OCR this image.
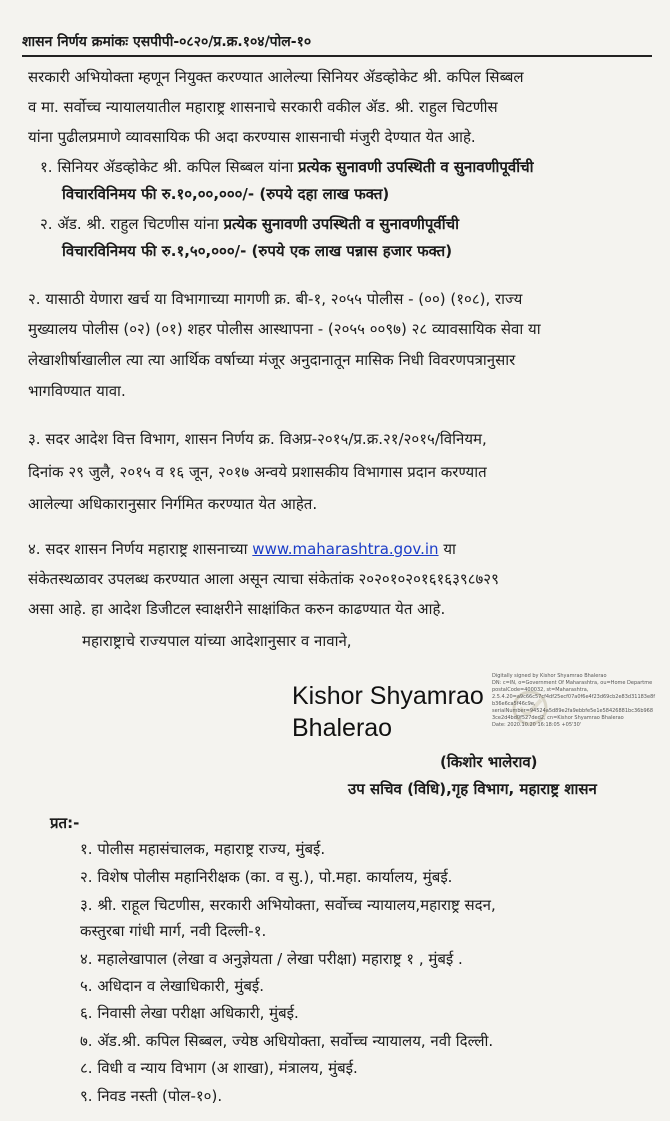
शासन निर्णय क्रमांकः एसपीपी-०८२०/प्र.क्र.१०४/पोल-१०
सरकारी अभियोक्ता म्हणून नियुक्त करण्यात आलेल्या सिनियर ॲडव्होकेट श्री. कपिल सिब्बल
व मा. सर्वोच्च न्यायालयातील महाराष्ट्र शासनाचे सरकारी वकील ॲड. श्री. राहुल चिटणीस
यांना पुढीलप्रमाणे व्यावसायिक फी अदा करण्यास शासनाची मंजुरी देण्यात येत आहे.
१. सिनियर ॲडव्होकेट श्री. कपिल सिब्बल यांना प्रत्येक सुनावणी उपस्थिती व सुनावणीपूर्वीची
विचारविनिमय फी रु.१०,००,०००/- (रुपये दहा लाख फक्त)
२. ॲड. श्री. राहुल चिटणीस यांना प्रत्येक सुनावणी उपस्थिती व सुनावणीपूर्वीची
विचारविनिमय फी रु.१,५०,०००/- (रुपये एक लाख पन्नास हजार फक्त)
२. यासाठी येणारा खर्च या विभागाच्या मागणी क्र. बी-१, २०५५ पोलीस - (००) (१०८), राज्य
मुख्यालय पोलीस (०२) (०१) शहर पोलीस आस्थापना - (२०५५ ००९७) २८ व्यावसायिक सेवा या
लेखाशीर्षाखालील त्या त्या आर्थिक वर्षाच्या मंजूर अनुदानातून मासिक निधी विवरणपत्रानुसार
भागविण्यात यावा.
३. सदर आदेश वित्त विभाग, शासन निर्णय क्र. विअप्र-२०१५/प्र.क्र.२१/२०१५/विनियम,
दिनांक २९ जुलै, २०१५ व १६ जून, २०१७ अन्वये प्रशासकीय विभागास प्रदान करण्यात
आलेल्या अधिकारानुसार निर्गमित करण्यात येत आहेत.
४. सदर शासन निर्णय महाराष्ट्र शासनाच्या www.maharashtra.gov.in या
संकेतस्थळावर उपलब्ध करण्यात आला असून त्याचा संकेतांक २०२०१०२०१६१६३९८७२९
असा आहे. हा आदेश डिजीटल स्वाक्षरीने साक्षांकित करुन काढण्यात येत आहे.
महाराष्ट्राचे राज्यपाल यांच्या आदेशानुसार व नावाने,
Kishor Shyamrao
Bhalerao
Digitally signed by Kishor Shyamrao Bhalerao
DN: c=IN, o=Government Of Maharashtra, ou=Home Departme
postalCode=400032, st=Maharashtra,
2.5.4.20=a9c66c57cf4df25ecf07a0f6e4f23d69cb2e83d31183e8f
b36e6ca5f46c9e,
serialNumber=94524a5d89e2fa9ebbfe5e1e58426881bc36b968
3ce2d4bd0f527ded2, cn=Kishor Shyamrao Bhalerao
Date: 2020.10.20 16:18:05 +05'30'
(किशोर भालेराव)
उप सचिव (विधि),गृह विभाग, महाराष्ट्र शासन
प्रत:-
१. पोलीस महासंचालक, महाराष्ट्र राज्य, मुंबई.
२. विशेष पोलीस महानिरीक्षक (का. व सु.), पो.महा. कार्यालय, मुंबई.
३. श्री. राहूल चिटणीस, सरकारी अभियोक्ता, सर्वोच्च न्यायालय,महाराष्ट्र सदन,
कस्तुरबा गांधी मार्ग, नवी दिल्ली-१.
४. महालेखापाल (लेखा व अनुज्ञेयता / लेखा परीक्षा) महाराष्ट्र १ , मुंबई .
५. अधिदान व लेखाधिकारी, मुंबई.
६. निवासी लेखा परीक्षा अधिकारी, मुंबई.
७. ॲड.श्री. कपिल सिब्बल, ज्येष्ठ अधियोक्ता, सर्वोच्च न्यायालय, नवी दिल्ली.
८. विधी व न्याय विभाग (अ शाखा), मंत्रालय, मुंबई.
९. निवड नस्ती (पोल-१०).
